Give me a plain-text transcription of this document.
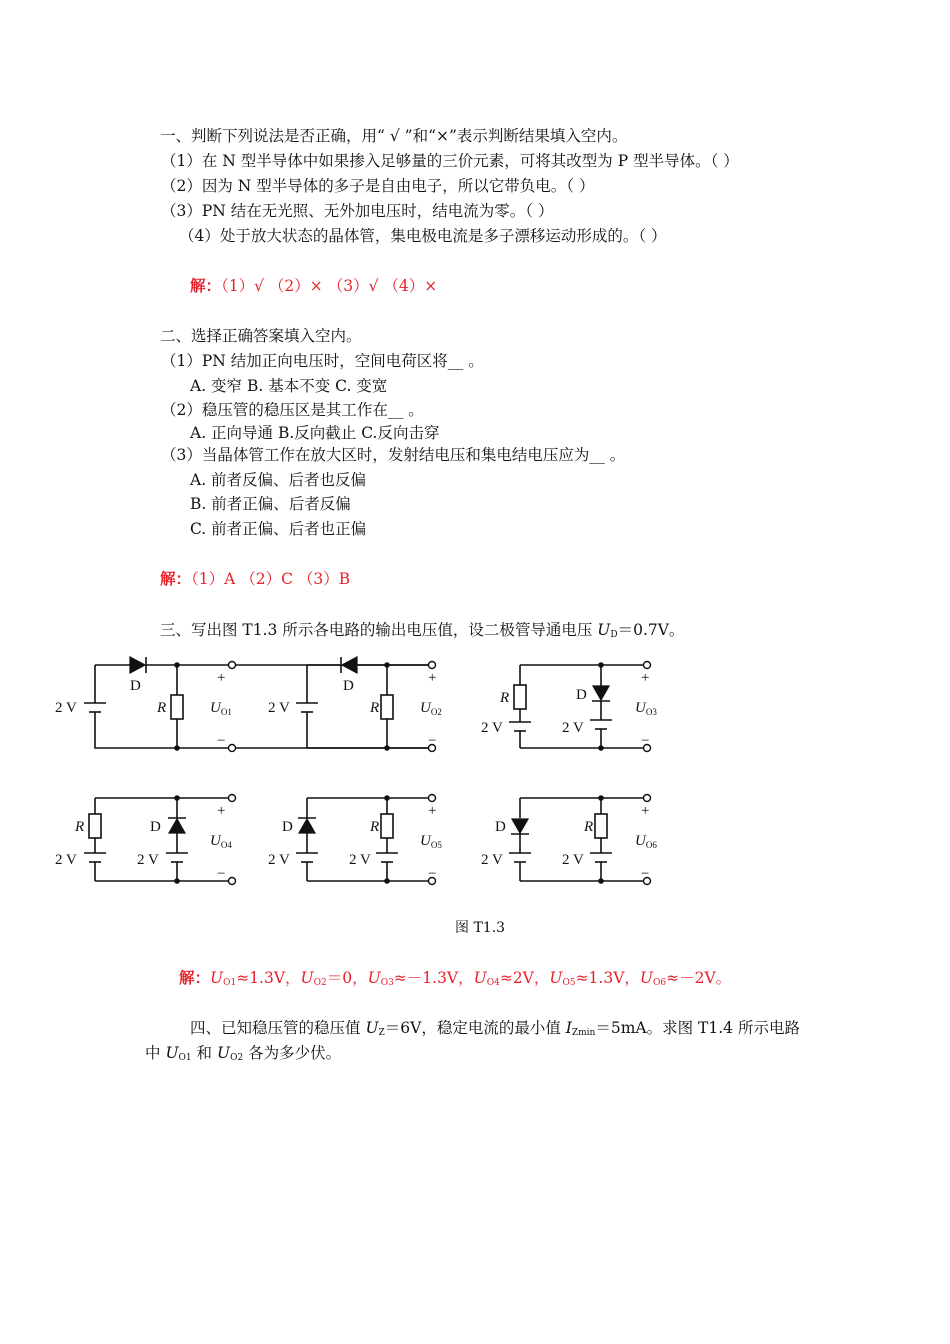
一、判断下列说法是否正确，用“ √ ”和“×”表示判断结果填入空内。
（1）在 N 型半导体中如果掺入足够量的三价元素，可将其改型为 P 型半导体。（ ）
（2）因为 N 型半导体的多子是自由电子，所以它带负电。（ ）
（3）PN 结在无光照、无外加电压时，结电流为零。（ ）
（4）处于放大状态的晶体管，集电极电流是多子漂移运动形成的。（ ）
解：（1）√ （2）× （3）√ （4）×
二、选择正确答案填入空内。
（1）PN 结加正向电压时，空间电荷区将__ 。
A. 变窄 B. 基本不变 C. 变宽
（2）稳压管的稳压区是其工作在__ 。
A. 正向导通 B.反向截止 C.反向击穿
（3）当晶体管工作在放大区时，发射结电压和集电结电压应为__ 。
A. 前者反偏、后者也反偏
B. 前者正偏、后者反偏
C. 前者正偏、后者也正偏
解：（1）A （2）C （3）B
三、写出图 T1.3 所示各电路的输出电压值，设二极管导通电压 $U_D=0.7V$。
D
R
2 V
+
−
$U_{O1}$
D
R
2 V
+
−
$U_{O2}$
R
2 V
D
2 V
+
−
$U_{O3}$
R
2 V
D
2 V
+
−
$U_{O4}$
D
2 V
R
2 V
+
−
$U_{O5}$
D
2 V
R
2 V
+
−
$U_{O6}$
图 T1.3
解：$U_{O1}\approx 1.3V$，$U_{O2}=0$，$U_{O3}\approx-1.3V$，$U_{O4}\approx 2V$，$U_{O5}\approx 1.3V$，$U_{O6}\approx-2V$。
四、已知稳压管的稳压值 $U_Z=6V$，稳定电流的最小值 $I_{Zmin}=5mA$。求图 T1.4 所示电路
中 $U_{O1}$ 和 $U_{O2}$ 各为多少伏。
